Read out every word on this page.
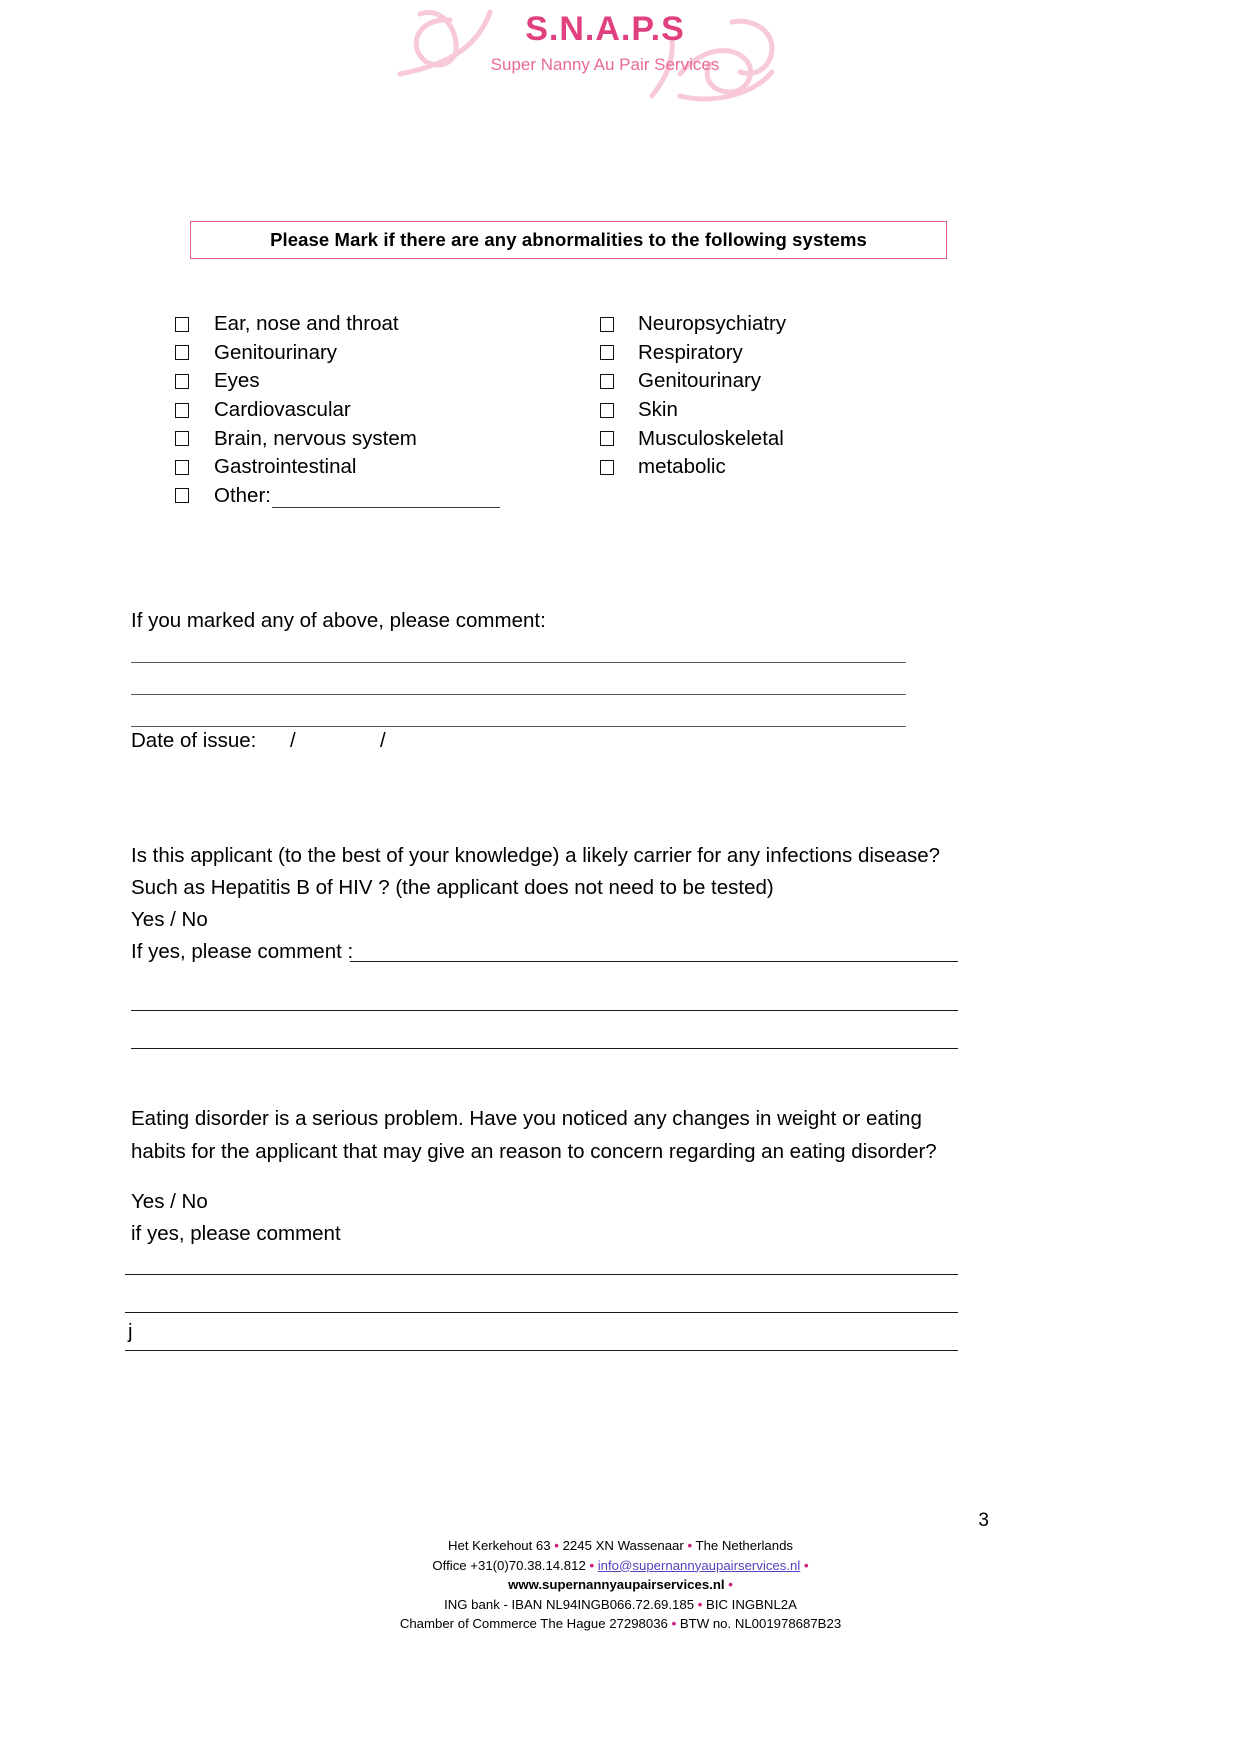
S.N.A.P.S
Super Nanny Au Pair Services
Please Mark if there are any abnormalities to the following systems
Ear, nose and throat	Neuropsychiatry
Genitourinary	Respiratory
Eyes	Genitourinary
Cardiovascular	Skin
Brain, nervous system	Musculoskeletal
Gastrointestinal	metabolic
Other:
If you marked any of above, please comment:
Date of issue: /	/
Is this applicant (to the best of your knowledge) a likely carrier for any infections disease?
Such as Hepatitis B of HIV ? (the applicant does not need to be tested)
Yes / No
If yes, please comment :
Eating disorder is a serious problem. Have you noticed any changes in weight or eating
habits for the applicant that may give an reason to concern regarding an eating disorder?
Yes / No
if yes, please comment
j
3
Het Kerkehout 63 • 2245 XN Wassenaar • The Netherlands
Office +31(0)70.38.14.812 • info@supernannyaupairservices.nl •
www.supernannyaupairservices.nl •
ING bank - IBAN NL94INGB066.72.69.185 • BIC INGBNL2A
Chamber of Commerce The Hague 27298036 • BTW no. NL001978687B23
